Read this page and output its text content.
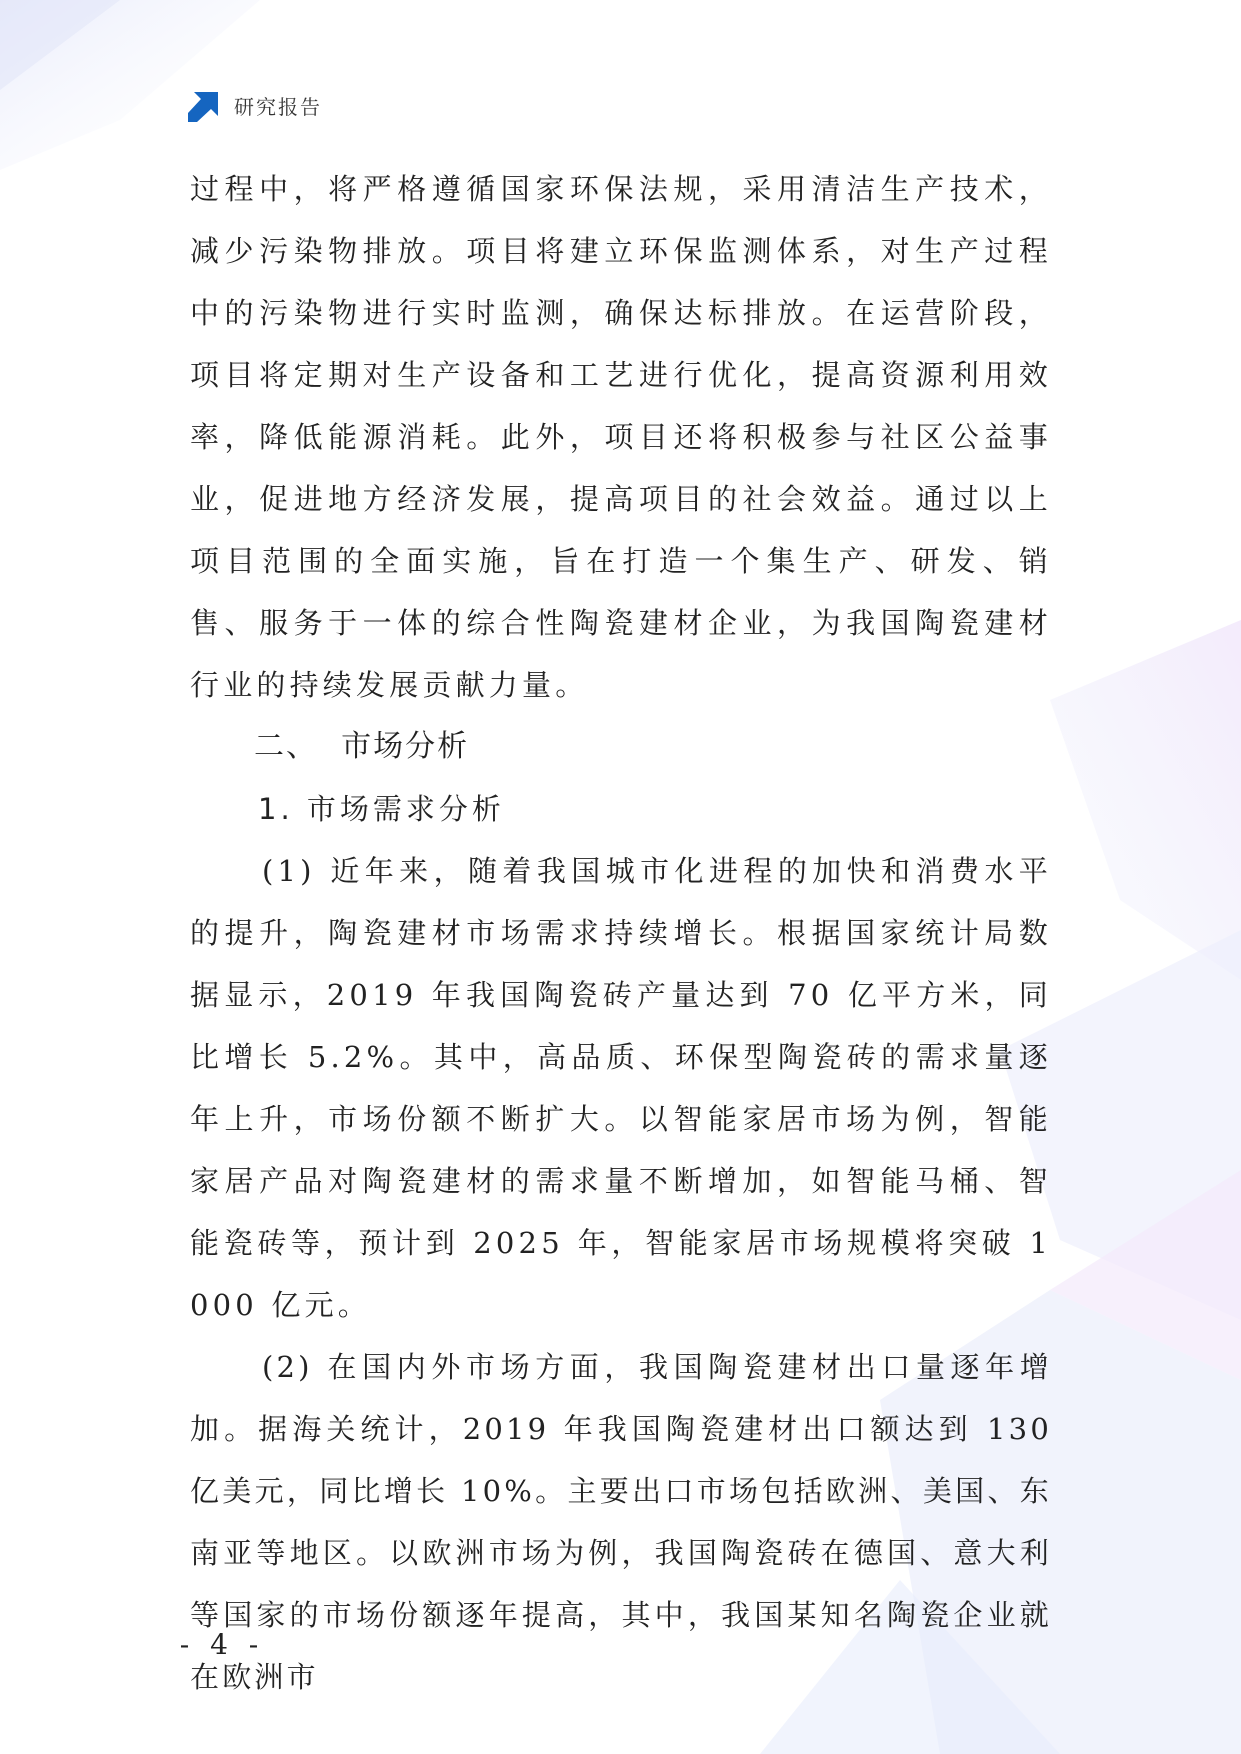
研究报告

过程中，将严格遵循国家环保法规，采用清洁生产技术，减少污染物排放。项目将建立环保监测体系，对生产过程中的污染物进行实时监测，确保达标排放。在运营阶段，项目将定期对生产设备和工艺进行优化，提高资源利用效率，降低能源消耗。此外，项目还将积极参与社区公益事业，促进地方经济发展，提高项目的社会效益。通过以上项目范围的全面实施，旨在打造一个集生产、研发、销售、服务于一体的综合性陶瓷建材企业，为我国陶瓷建材行业的持续发展贡献力量。

二、  市场分析

1. 市场需求分析

(1) 近年来，随着我国城市化进程的加快和消费水平的提升，陶瓷建材市场需求持续增长。根据国家统计局数据显示，2019 年我国陶瓷砖产量达到 70 亿平方米，同比增长 5.2%。其中，高品质、环保型陶瓷砖的需求量逐年上升，市场份额不断扩大。以智能家居市场为例，智能家居产品对陶瓷建材的需求量不断增加，如智能马桶、智能瓷砖等，预计到 2025 年，智能家居市场规模将突破 1000 亿元。

(2) 在国内外市场方面，我国陶瓷建材出口量逐年增加。据海关统计，2019 年我国陶瓷建材出口额达到 130 亿美元，同比增长 10%。主要出口市场包括欧洲、美国、东南亚等地区。以欧洲市场为例，我国陶瓷砖在德国、意大利等国家的市场份额逐年提高，其中，我国某知名陶瓷企业就在欧洲市

- 4 -
